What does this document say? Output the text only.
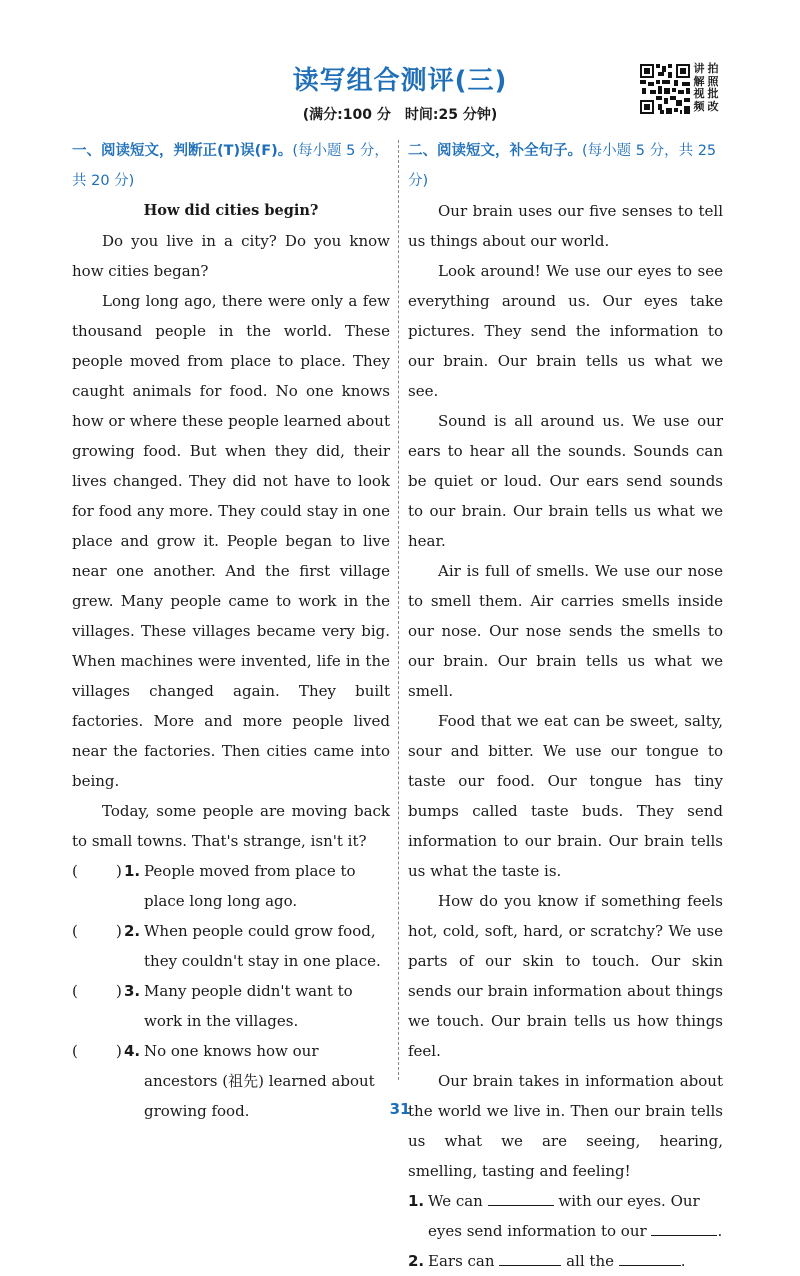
读写组合测评(三)
(满分:100 分　时间:25 分钟)
讲 拍
解 照
视 批
频 改
一、阅读短文，判断正(T)误(F)。(每小题 5 分，共 20 分)
How did cities begin?

Do you live in a city? Do you know how cities began?

Long long ago, there were only a few thousand people in the world. These people moved from place to place. They caught animals for food. No one knows how or where these people learned about growing food. But when they did, their lives changed. They did not have to look for food any more. They could stay in one place and grow it. People began to live near one another. And the first village grew. Many people came to work in the villages. These villages became very big. When machines were invented, life in the villages changed again. They built factories. More and more people lived near the factories. Then cities came into being.

Today, some people are moving back to small towns. That's strange, isn't it?

(	) 1. People moved from place to place long long ago.
(	) 2. When people could grow food, they couldn't stay in one place.
(	) 3. Many people didn't want to work in the villages.
(	) 4. No one knows how our ancestors (祖先) learned about growing food.
二、阅读短文，补全句子。(每小题 5 分，共 25 分)

Our brain uses our five senses to tell us things about our world.

Look around! We use our eyes to see everything around us. Our eyes take pictures. They send the information to our brain. Our brain tells us what we see.

Sound is all around us. We use our ears to hear all the sounds. Sounds can be quiet or loud. Our ears send sounds to our brain. Our brain tells us what we hear.

Air is full of smells. We use our nose to smell them. Air carries smells inside our nose. Our nose sends the smells to our brain. Our brain tells us what we smell.

Food that we eat can be sweet, salty, sour and bitter. We use our tongue to taste our food. Our tongue has tiny bumps called taste buds. They send information to our brain. Our brain tells us what the taste is.

How do you know if something feels hot, cold, soft, hard, or scratchy? We use parts of our skin to touch. Our skin sends our brain information about things we touch. Our brain tells us how things feel.

Our brain takes in information about the world we live in. Then our brain tells us what we are seeing, hearing, smelling, tasting and feeling!

1. We can	with our eyes. Our eyes send information to our	.
2. Ears can	all the	.
31
